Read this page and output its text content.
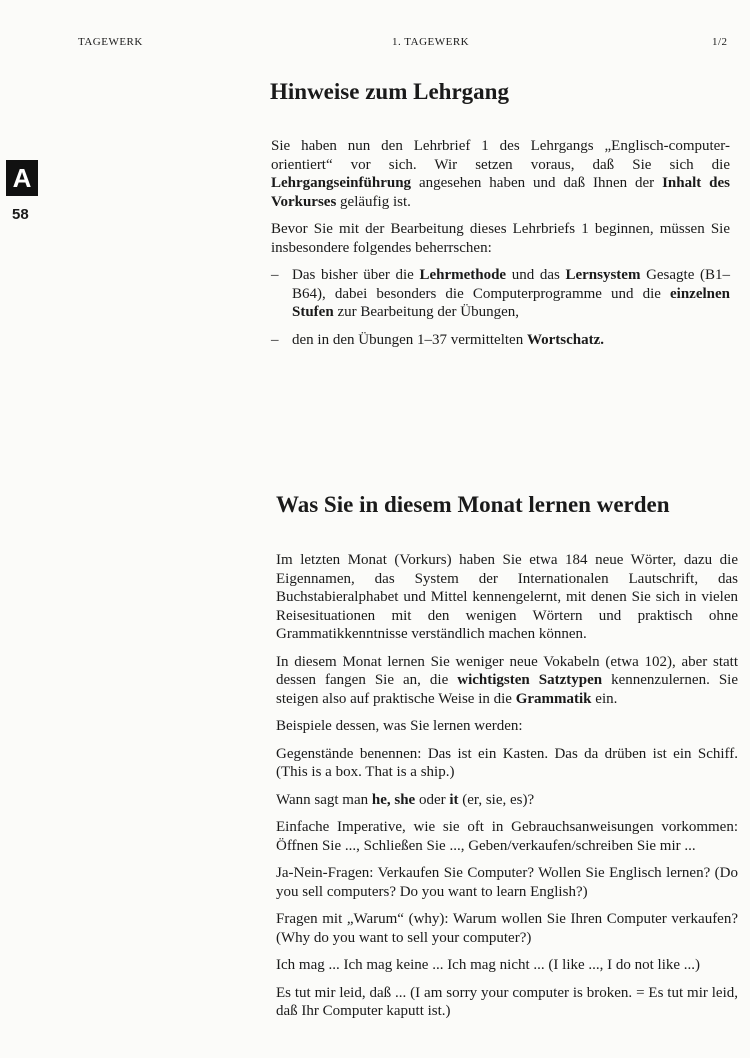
TAGEWERK	1. TAGEWERK	1/2
A
58
Hinweise zum Lehrgang

Sie haben nun den Lehrbrief 1 des Lehrgangs „Englisch-computer-orientiert“ vor sich. Wir setzen voraus, daß Sie sich die Lehrgangseinführung angesehen haben und daß Ihnen der Inhalt des Vorkurses geläufig ist.

Bevor Sie mit der Bearbeitung dieses Lehrbriefs 1 beginnen, müssen Sie insbesondere folgendes beherrschen:

– Das bisher über die Lehrmethode und das Lernsystem Gesagte (B1–B64), dabei besonders die Computerprogramme und die einzelnen Stufen zur Bearbeitung der Übungen,
– den in den Übungen 1–37 vermittelten Wortschatz.
Was Sie in diesem Monat lernen werden

Im letzten Monat (Vorkurs) haben Sie etwa 184 neue Wörter, dazu die Eigennamen, das System der Internationalen Lautschrift, das Buchstabieralphabet und Mittel kennengelernt, mit denen Sie sich in vielen Reisesituationen mit den wenigen Wörtern und praktisch ohne Grammatikkenntnisse verständlich machen können.

In diesem Monat lernen Sie weniger neue Vokabeln (etwa 102), aber statt dessen fangen Sie an, die wichtigsten Satztypen kennenzulernen. Sie steigen also auf praktische Weise in die Grammatik ein.

Beispiele dessen, was Sie lernen werden:

Gegenstände benennen: Das ist ein Kasten. Das da drüben ist ein Schiff. (This is a box. That is a ship.)

Wann sagt man he, she oder it (er, sie, es)?

Einfache Imperative, wie sie oft in Gebrauchsanweisungen vorkommen: Öffnen Sie ..., Schließen Sie ..., Geben/verkaufen/schreiben Sie mir ...

Ja-Nein-Fragen: Verkaufen Sie Computer? Wollen Sie Englisch lernen? (Do you sell computers? Do you want to learn English?)

Fragen mit „Warum“ (why): Warum wollen Sie Ihren Computer verkaufen? (Why do you want to sell your computer?)

Ich mag ... Ich mag keine ... Ich mag nicht ... (I like ..., I do not like ...)

Es tut mir leid, daß ... (I am sorry your computer is broken. = Es tut mir leid, daß Ihr Computer kaputt ist.)
